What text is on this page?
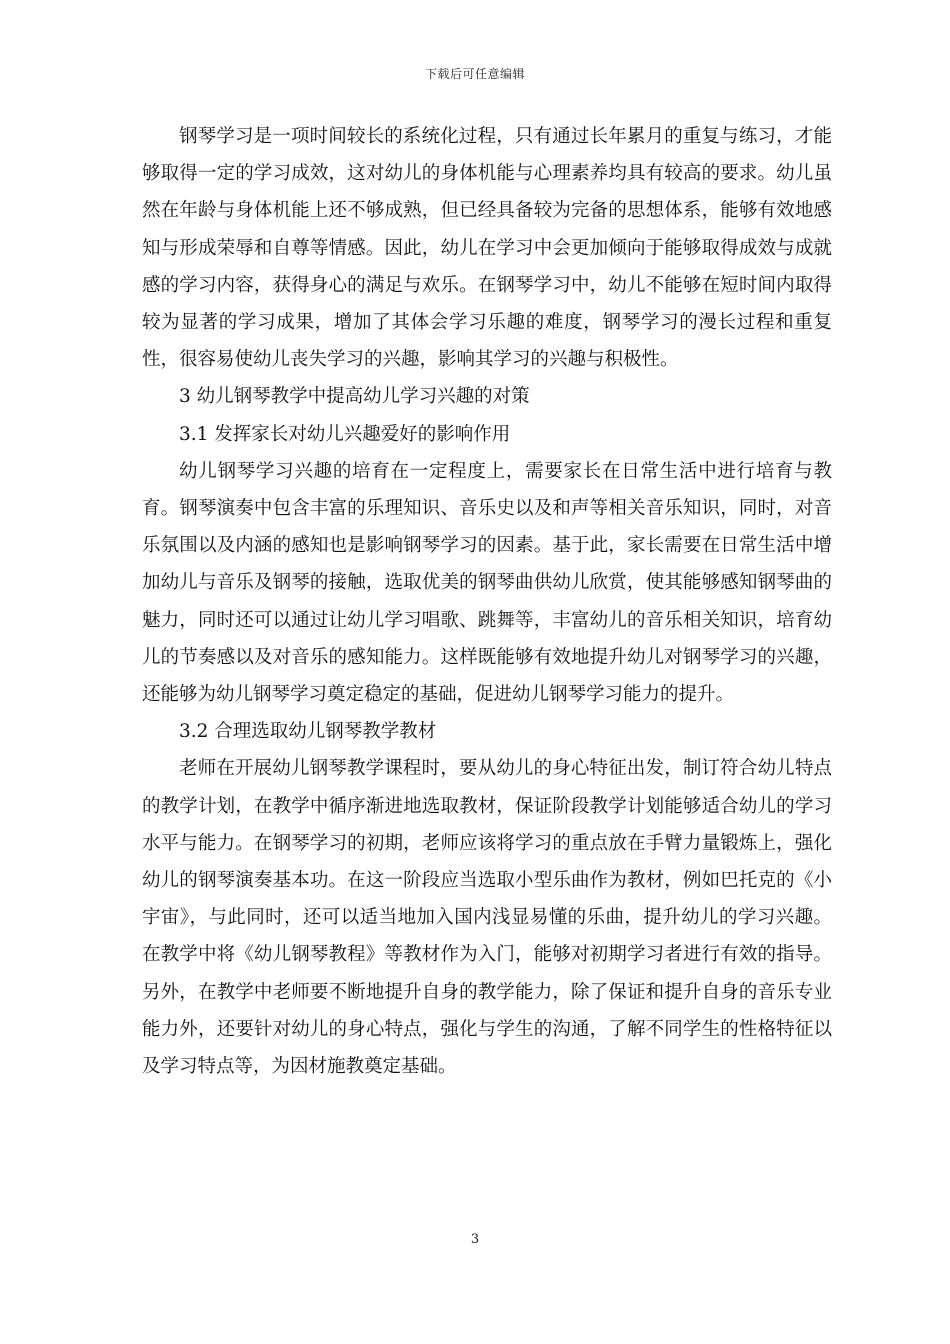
下载后可任意编辑

钢琴学习是一项时间较长的系统化过程，只有通过长年累月的重复与练习，才能够取得一定的学习成效，这对幼儿的身体机能与心理素养均具有较高的要求。幼儿虽然在年龄与身体机能上还不够成熟，但已经具备较为完备的思想体系，能够有效地感知与形成荣辱和自尊等情感。因此，幼儿在学习中会更加倾向于能够取得成效与成就感的学习内容，获得身心的满足与欢乐。在钢琴学习中，幼儿不能够在短时间内取得较为显著的学习成果，增加了其体会学习乐趣的难度，钢琴学习的漫长过程和重复性，很容易使幼儿丧失学习的兴趣，影响其学习的兴趣与积极性。

3 幼儿钢琴教学中提高幼儿学习兴趣的对策

3.1 发挥家长对幼儿兴趣爱好的影响作用

幼儿钢琴学习兴趣的培育在一定程度上，需要家长在日常生活中进行培育与教育。钢琴演奏中包含丰富的乐理知识、音乐史以及和声等相关音乐知识，同时，对音乐氛围以及内涵的感知也是影响钢琴学习的因素。基于此，家长需要在日常生活中增加幼儿与音乐及钢琴的接触，选取优美的钢琴曲供幼儿欣赏，使其能够感知钢琴曲的魅力，同时还可以通过让幼儿学习唱歌、跳舞等，丰富幼儿的音乐相关知识，培育幼儿的节奏感以及对音乐的感知能力。这样既能够有效地提升幼儿对钢琴学习的兴趣，还能够为幼儿钢琴学习奠定稳定的基础，促进幼儿钢琴学习能力的提升。

3.2 合理选取幼儿钢琴教学教材

老师在开展幼儿钢琴教学课程时，要从幼儿的身心特征出发，制订符合幼儿特点的教学计划，在教学中循序渐进地选取教材，保证阶段教学计划能够适合幼儿的学习水平与能力。在钢琴学习的初期，老师应该将学习的重点放在手臂力量锻炼上，强化幼儿的钢琴演奏基本功。在这一阶段应当选取小型乐曲作为教材，例如巴托克的《小宇宙》，与此同时，还可以适当地加入国内浅显易懂的乐曲，提升幼儿的学习兴趣。在教学中将《幼儿钢琴教程》等教材作为入门，能够对初期学习者进行有效的指导。另外，在教学中老师要不断地提升自身的教学能力，除了保证和提升自身的音乐专业能力外，还要针对幼儿的身心特点，强化与学生的沟通，了解不同学生的性格特征以及学习特点等，为因材施教奠定基础。

3
